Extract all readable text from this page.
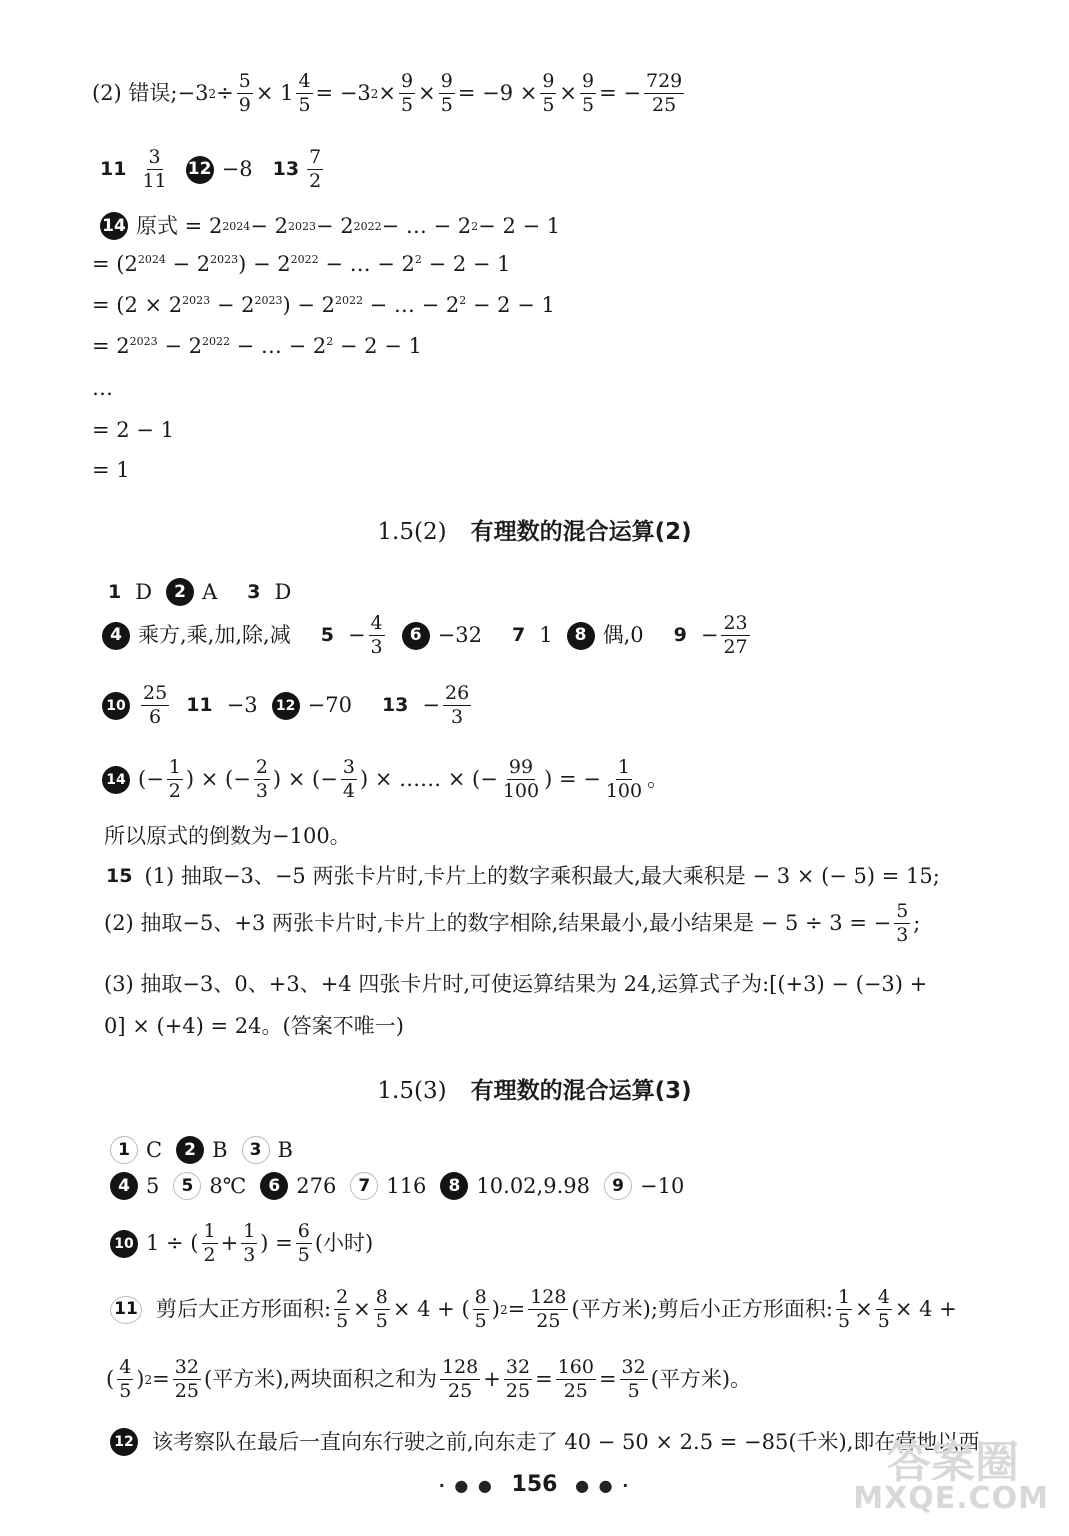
(2) 错误;−3 $2 \div \frac{5}{9} \times 1 \frac{4}{5} = -3$ $2 \times \frac{9}{5} \times \frac{9}{5} = -9 \times \frac{9}{5} \times \frac{9}{5}$ = − $\frac{729}{25}$
$11 \frac{3}{11} 12 -8$ $13 \frac{7}{2}$
14 原式 = 2 2024 − 2 2023 − 2 2022 − … − 2 2 − 2 − 1
= $(2^{2024} - 2^{2023}) - 2^{2022}$ − … − $2^2 - 2 - 1$
= $(2 \times 2^{2023} - 2^{2023}) - 2^{2022}$ − … − $2^2 - 2 - 1$
= $2^{2023} - 2^{2022}$ − … − $2^2 - 2 - 1$
…
= 2 − 1
= 1
1.5(2) 有理数的混合运算(2)
1 D	2 A 3 D
4 乘方,乘,加,除,减 $5 - \frac{4}{3}$	6 −32 7 1	8 偶,0 $9 - \frac{23}{27}$
$10 \frac{25}{6} 11 -3$	12 −70 $13 - \frac{26}{3}$
14 (− $\frac{1}{2}$ ) × (− $\frac{2}{3}$ ) × (− $\frac{3}{4}$ ) × …… × (− $\frac{99}{100}$ ) = − $\frac{1}{100}$ 。
所以原式的倒数为−100。
15 (1) 抽取−3、−5 两张卡片时,卡片上的数字乘积最大,最大乘积是 − 3 × (− 5) = 15;
(2) 抽取−5、+3 两张卡片时,卡片上的数字相除,结果最小,最小结果是 − 5 ÷ 3 = − $\frac{5}{3}$ ;
(3) 抽取−3、0、+3、+4 四张卡片时,可使运算结果为 24,运算式子为:[(+3) − (−3) +
0] × (+4) = 24。(答案不唯一)
1.5(3) 有理数的混合运算(3)
1 C	2 B	3 B
4 5	5 8℃	6 276	7 116	8 10.02,9.98	9 −10
10 1 ÷ ( $\frac{1}{2} + \frac{1}{3}$ ) = $\frac{6}{5}$ (小时)
11 剪后大正方形面积: $\frac{2}{5} \times \frac{8}{5} \times 4$ + ( $\frac{8}{5}$ ) $2 = \frac{128}{25}$ (平方米);剪后小正方形面积: $\frac{1}{5} \times \frac{4}{5} \times 4$ +
( $\frac{4}{5}$ ) $2 = \frac{32}{25}$ (平方米),两块面积之和为 $\frac{128}{25} + \frac{32}{25} = \frac{160}{25} = \frac{32}{5}$ (平方米)。
12 该考察队在最后一直向东行驶之前,向东走了 40 − 50 × 2.5 = −85(千米),即在营地以西
· ● ● 156 ● ● ·	答案圈
MXQE.COM
